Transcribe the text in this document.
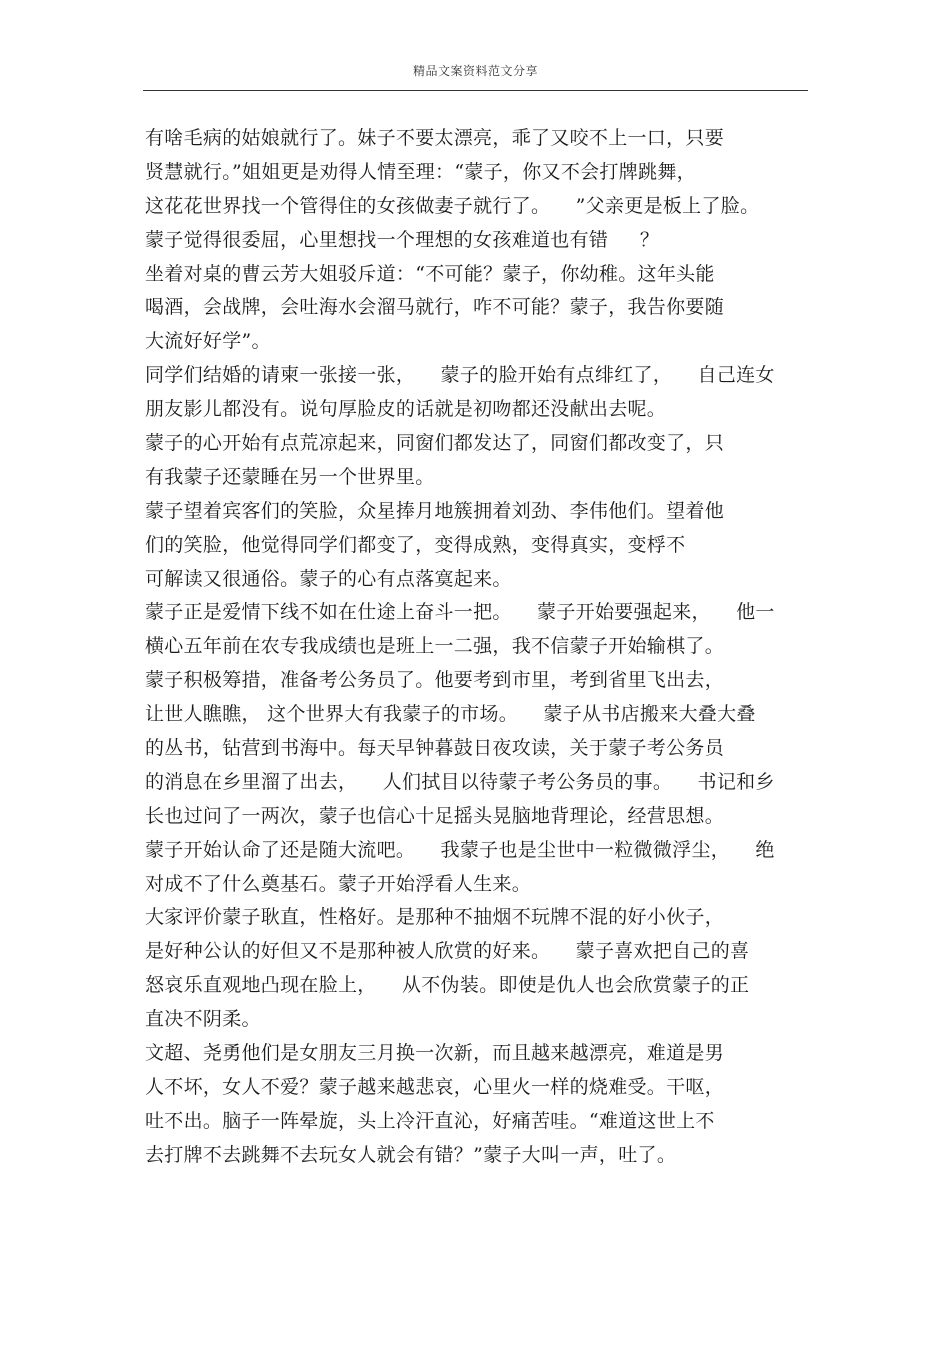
精品文案资料范文分享
有啥毛病的姑娘就行了。妹子不要太漂亮，乖了又咬不上一口，只要
贤慧就行。”姐姐更是劝得人情至理：“蒙子，你又不会打牌跳舞，
这花花世界找一个管得住的女孩做妻子就行了。    ”父亲更是板上了脸。
蒙子觉得很委屈，心里想找一个理想的女孩难道也有错     ？
坐着对桌的曹云芳大姐驳斥道：“不可能？蒙子，你幼稚。这年头能
喝酒，会战牌，会吐海水会溜马就行，咋不可能？蒙子，我告你要随
大流好好学”。
同学们结婚的请柬一张接一张，    蒙子的脸开始有点绯红了，    自己连女
朋友影儿都没有。说句厚脸皮的话就是初吻都还没献出去呢。
蒙子的心开始有点荒凉起来，同窗们都发达了，同窗们都改变了，只
有我蒙子还蒙睡在另一个世界里。
蒙子望着宾客们的笑脸，众星捧月地簇拥着刘劲、李伟他们。望着他
们的笑脸，他觉得同学们都变了，变得成熟，变得真实，变桴不
可解读又很通俗。蒙子的心有点落寞起来。
蒙子正是爱情下线不如在仕途上奋斗一把。    蒙子开始要强起来，    他一
横心五年前在农专我成绩也是班上一二强，我不信蒙子开始输棋了。
蒙子积极筹措，准备考公务员了。他要考到市里，考到省里飞出去，
让世人瞧瞧， 这个世界大有我蒙子的市场。    蒙子从书店搬来大叠大叠
的丛书，钻营到书海中。每天早钟暮鼓日夜攻读，关于蒙子考公务员
的消息在乡里溜了出去，    人们拭目以待蒙子考公务员的事。    书记和乡
长也过问了一两次，蒙子也信心十足摇头晃脑地背理论，经营思想。
蒙子开始认命了还是随大流吧。    我蒙子也是尘世中一粒微微浮尘，    绝
对成不了什么奠基石。蒙子开始浮看人生来。
大家评价蒙子耿直，性格好。是那种不抽烟不玩牌不混的好小伙子，
是好种公认的好但又不是那种被人欣赏的好来。    蒙子喜欢把自己的喜
怒哀乐直观地凸现在脸上，    从不伪装。即使是仇人也会欣赏蒙子的正
直决不阴柔。
文超、尧勇他们是女朋友三月换一次新，而且越来越漂亮，难道是男
人不坏，女人不爱？蒙子越来越悲哀，心里火一样的烧难受。干呕，
吐不出。脑子一阵晕旋，头上冷汗直沁，好痛苦哇。“难道这世上不
去打牌不去跳舞不去玩女人就会有错？”蒙子大叫一声，吐了。
